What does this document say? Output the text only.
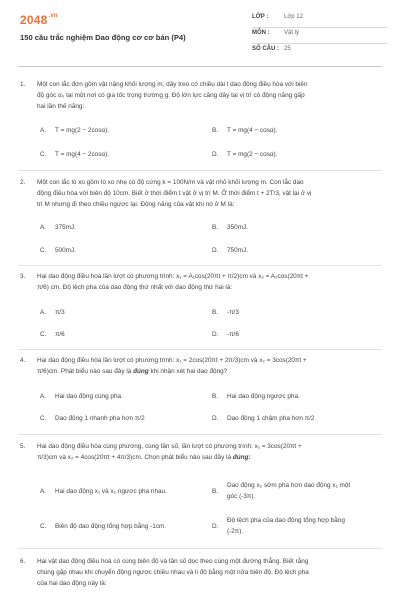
$2048^{.vn}$
150 câu trắc nghiệm Dao động cơ cơ bản (P4)
LỚP :	Lớp 12
MÔN : Vật lý
SỐ CÂU : 25
1. Một con lắc đơn gồm vật nặng khối lượng m, dây treo có chiều dài l dao động điều hòa với biên
độ góc α₀ tại một nơi có gia tốc trọng trường g. Độ lớn lực căng dây tại vị trí có động năng gấp
hai lần thế năng:
A. T = mg(2 − 2cosα).	B. T = mg(4 − cosα).
C. T = mg(4 − 2cosα).	D. T = mg(2 − cosα).
2. Một con lắc lò xo gồm lò xo nhẹ có độ cứng k = 100N/m và vật nhỏ khối lượng m. Con lắc dao
động điều hòa với biên độ 10cm. Biết ở thời điểm t vật ở vị trí M. Ở thời điểm t + 2T/3, vật lại ở vị
trí M nhưng đi theo chiều ngược lại. Động năng của vật khi nó ở M là:
A. 375mJ.	B. 350mJ.
C. 500mJ.	D. 750mJ.
3. Hai dao động điều hoà lần lượt có phương trình: x₁ = A₁cos(20πt + π/2)cm và x₂ = A₂cos(20πt +
π/6) cm. Độ lệch pha của dao động thứ nhất với dao động thứ hai là:
A. π/3	B. -π/3
C. π/6	D. -π/6
4. Hai dao động điều hòa lần lượt có phương trình: x₁ = 2cos(20πt + 2π/3)cm và x₂ = 3cos(20πt +
π/6)cm. Phát biểu nào sau đây là đúng khi nhận xét hai dao động?
A. Hai dao động cùng pha.	B. Hai dao động ngược pha.
C. Dao động 1 nhanh pha hơn π/2	D. Dao động 1 chậm pha hơn π/2
5. Hai dao động điều hòa cùng phương, cùng tần số, lần lượt có phương trình: x₁ = 3cos(20πt +
π/3)cm và x₂ = 4cos(20πt + 4π/3)cm. Chọn phát biểu nào sau đây là đúng:
A. Hai dao động x₁ và x₂ ngược pha nhau.	B.
Dao động x₂ sớm pha hơn dao động x₁ một góc (-3π).
C. Biên độ dao động tổng hợp bằng -1cm.	D.
Độ lệch pha của dao động tổng hợp bằng (-2π).
6. Hai vật dao động điều hoà có cùng biên độ và tần số dọc theo cùng một đường thẳng. Biết rằng
chúng gặp nhau khi chuyển động ngược chiều nhau và li độ bằng một nửa biên độ. Độ lệch pha
của hai dao động này là:
